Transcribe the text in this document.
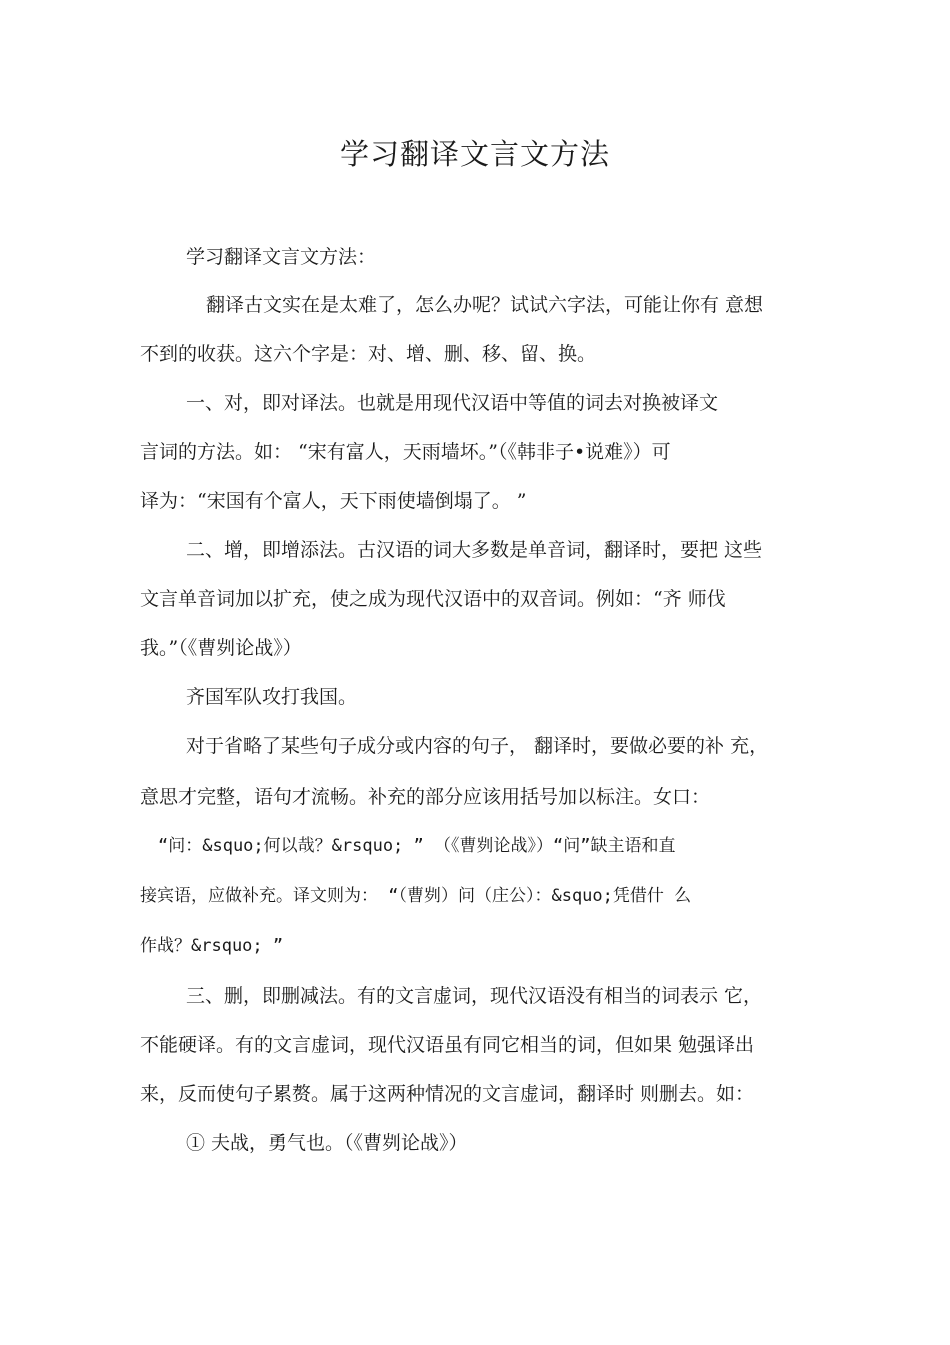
学习翻译文言文方法
学习翻译文言文方法：
翻译古文实在是太难了，怎么办呢？试试六字法，可能让你有 意想
不到的收获。这六个字是：对、增、删、移、留、换。
一、对，即对译法。也就是用现代汉语中等值的词去对换被译文
言词的方法。如： “宋有富人，天雨墙坏。”（《韩非子•说难》）可
译为：“宋国有个富人，天下雨使墙倒塌了。 ”
二、增，即增添法。古汉语的词大多数是单音词，翻译时，要把 这些
文言单音词加以扩充，使之成为现代汉语中的双音词。例如：“齐 师伐
我。”（《曹刿论战》）
齐国军队攻打我国。
对于省略了某些句子成分或内容的句子， 翻译时，要做必要的补 充，
意思才完整，语句才流畅。补充的部分应该用括号加以标注。女口：
“问：&squo;何以哉？&rsquo; ” （《曹刿论战》）“问”缺主语和直
接宾语，应做补充。译文则为： “（曹刿）问（庄公）：&squo;凭借什 么
作战？&rsquo; ”
三、删，即删减法。有的文言虚词，现代汉语没有相当的词表示 它，
不能硬译。有的文言虚词，现代汉语虽有同它相当的词，但如果 勉强译出
来，反而使句子累赘。属于这两种情况的文言虚词，翻译时 则删去。如：
① 夫战，勇气也。（《曹刿论战》）
